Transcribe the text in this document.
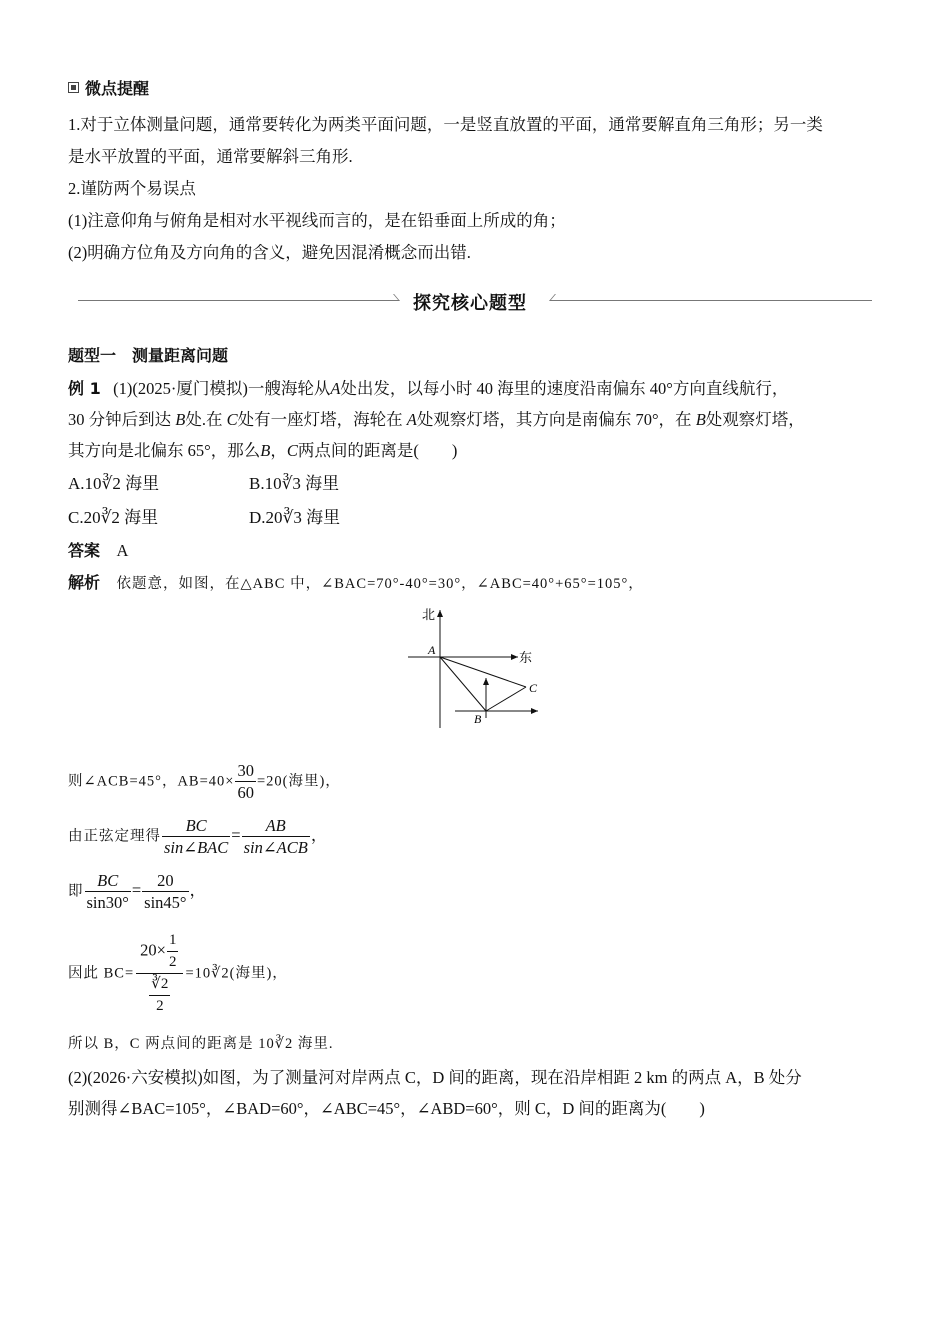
微点提醒
1.对于立体测量问题，通常要转化为两类平面问题，一是竖直放置的平面，通常要解直角三角形；另一类
是水平放置的平面，通常要解斜三角形.
2.谨防两个易误点
(1)注意仰角与俯角是相对水平视线而言的，是在铅垂面上所成的角；
(2)明确方位角及方向角的含义，避免因混淆概念而出错.
探究核心题型
题型一　测量距离问题
例 1 (1)(2025·厦门模拟)一艘海轮从A处出发，以每小时 40 海里的速度沿南偏东 40°方向直线航行，
30 分钟后到达 B处.在 C处有一座灯塔，海轮在 A处观察灯塔，其方向是南偏东 70°，在 B处观察灯塔，
其方向是北偏东 65°，那么B，C两点间的距离是(　　)
A.10∛2 海里	B.10∛3 海里
C.20∛2 海里	D.20∛3 海里
答案 A
解析 依题意，如图，在△ABC 中，∠BAC=70°-40°=30°，∠ABC=40°+65°=105°，
北
东
A
B
C
则∠ACB=45°，$AB=40\times \frac{30}{60} =20$(海里)，
由正弦定理得 $\frac{BC}{\text{sin∠BAC}} = \frac{AB}{\text{sin∠ACB}}$ ，
即 $\frac{BC}{\sin 30^\circ} = \frac{20}{\sin 45^\circ}$ ，
因此 $BC= \frac{20\times \frac{1}{2}}{\frac{∛2}{2}}$ =10∛2(海里)，
所以 B，C 两点间的距离是 10∛2 海里.
(2)(2026·六安模拟)如图，为了测量河对岸两点 C，D 间的距离，现在沿岸相距 2 km 的两点 A，B 处分
别测得∠BAC=105°，∠BAD=60°，∠ABC=45°，∠ABD=60°，则 C，D 间的距离为(　　)
